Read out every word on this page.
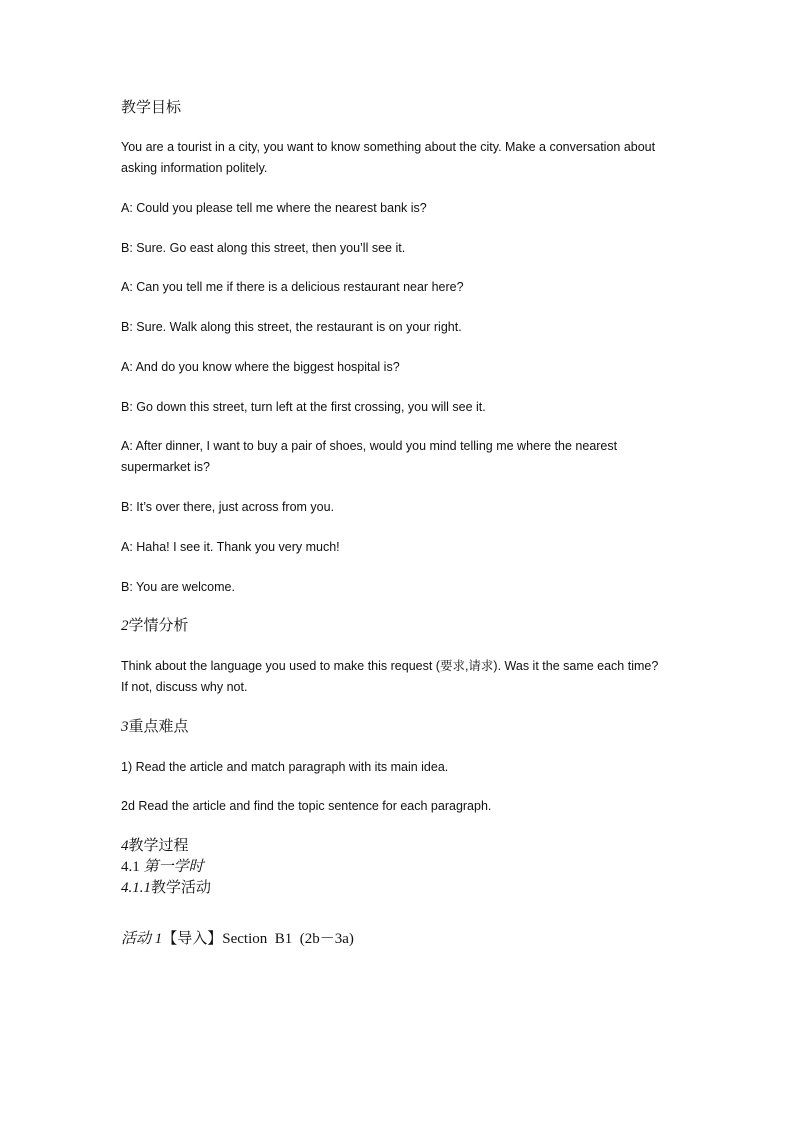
教学目标

You are a tourist in a city, you want to know something about the city. Make a conversation about asking information politely.

A: Could you please tell me where the nearest bank is?

B: Sure. Go east along this street, then you’ll see it.

A: Can you tell me if there is a delicious restaurant near here?

B: Sure. Walk along this street, the restaurant is on your right.

A: And do you know where the biggest hospital is?

B: Go down this street, turn left at the first crossing, you will see it.

A: After dinner, I want to buy a pair of shoes, would you mind telling me where the nearest supermarket is?

B: It’s over there, just across from you.

A: Haha! I see it. Thank you very much!

B: You are welcome.

2学情分析

Think about the language you used to make this request (要求,请求). Was it the same each time? If not, discuss why not.

3重点难点

1) Read the article and match paragraph with its main idea.

2d Read the article and find the topic sentence for each paragraph.

4教学过程

4.1 第一学时

4.1.1教学活动

活动 1【导入】Section  B1  (2b－3a)
